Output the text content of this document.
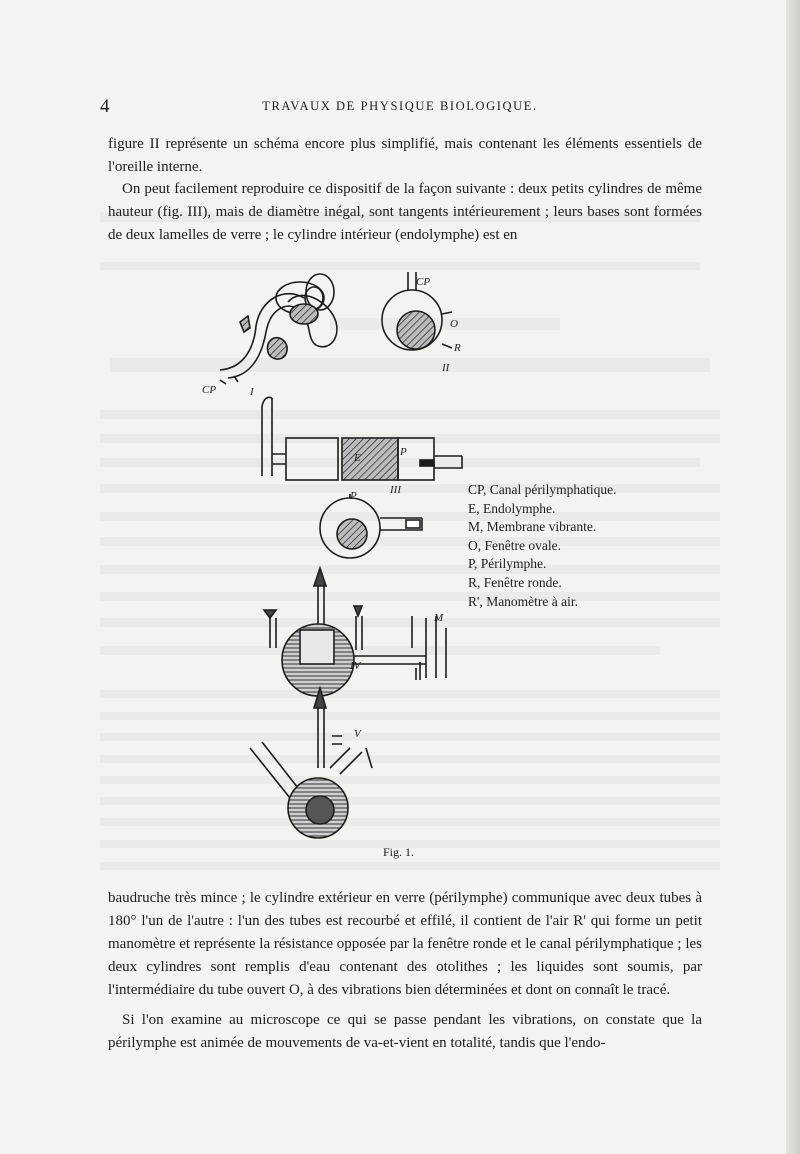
4	TRAVAUX DE PHYSIQUE BIOLOGIQUE.

figure II représente un schéma encore plus simplifié, mais contenant les éléments essentiels de l'oreille interne.

On peut facilement reproduire ce dispositif de la façon suivante : deux petits cylindres de même hauteur (fig. III), mais de diamètre inégal, sont tangents intérieurement ; leurs bases sont formées de deux lamelles de verre ; le cylindre intérieur (endolymphe) est en

I
CP
CP
O
R
II
E	P
III
P
M
IV
V
CP, Canal périlymphatique.
E, Endolymphe.
M, Membrane vibrante.
O, Fenêtre ovale.
P, Périlymphe.
R, Fenêtre ronde.
R', Manomètre à air.
Fig. 1.

baudruche très mince ; le cylindre extérieur en verre (périlymphe) communique avec deux tubes à 180° l'un de l'autre : l'un des tubes est recourbé et effilé, il contient de l'air R' qui forme un petit manomètre et représente la résistance opposée par la fenêtre ronde et le canal périlymphatique ; les deux cylindres sont remplis d'eau contenant des otolithes ; les liquides sont soumis, par l'intermédiaire du tube ouvert O, à des vibrations bien déterminées et dont on connaît le tracé.

Si l'on examine au microscope ce qui se passe pendant les vibrations, on constate que la périlymphe est animée de mouvements de va-et-vient en totalité, tandis que l'endo-
